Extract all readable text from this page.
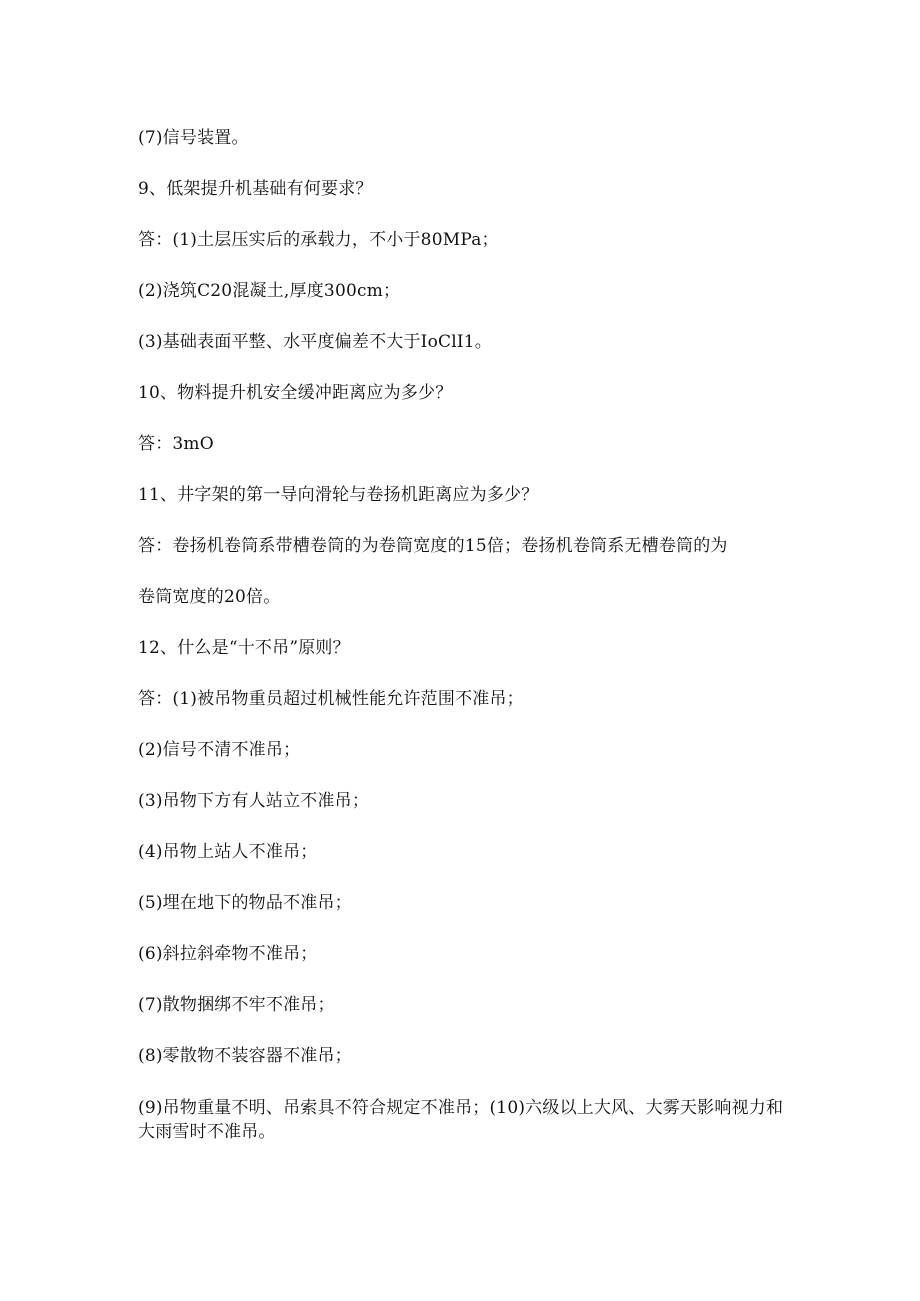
(7)信号装置。
9、低架提升机基础有何要求？
答：(1)土层压实后的承载力，不小于80MPa；
(2)浇筑C20混凝土,厚度300cm；
(3)基础表面平整、水平度偏差不大于IoClI1。
10、物料提升机安全缓冲距离应为多少？
答：3mO
11、井字架的第一导向滑轮与卷扬机距离应为多少？
答：卷扬机卷筒系带槽卷筒的为卷筒宽度的15倍；卷扬机卷筒系无槽卷筒的为
卷筒宽度的20倍。
12、什么是“十不吊”原则？
答：(1)被吊物重员超过机械性能允许范围不准吊；
(2)信号不清不准吊；
(3)吊物下方有人站立不准吊；
(4)吊物上站人不准吊；
(5)埋在地下的物品不准吊；
(6)斜拉斜牵物不准吊；
(7)散物捆绑不牢不准吊；
(8)零散物不装容器不准吊；
(9)吊物重量不明、吊索具不符合规定不准吊；(10)六级以上大风、大雾天影响视力和大雨雪时不准吊。
